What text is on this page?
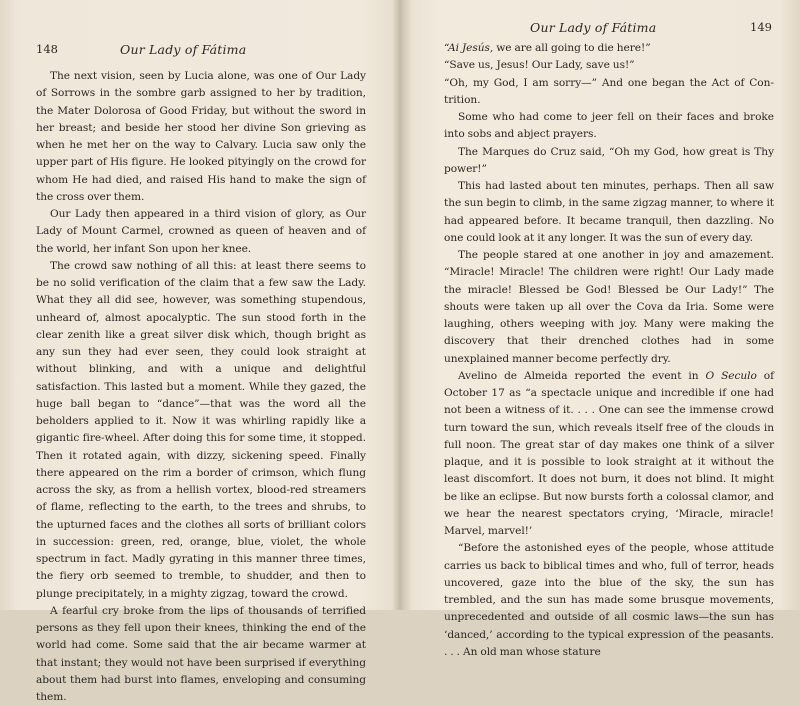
148	Our Lady of Fátima

The next vision, seen by Lucia alone, was one of Our Lady of Sorrows in the sombre garb assigned to her by tradition, the Mater Dolorosa of Good Friday, but without the sword in her breast; and beside her stood her divine Son grieving as when he met her on the way to Calvary. Lucia saw only the upper part of His figure. He looked pityingly on the crowd for whom He had died, and raised His hand to make the sign of the cross over them.

Our Lady then appeared in a third vision of glory, as Our Lady of Mount Carmel, crowned as queen of heaven and of the world, her infant Son upon her knee.

The crowd saw nothing of all this: at least there seems to be no solid verification of the claim that a few saw the Lady. What they all did see, however, was something stupendous, unheard of, almost apocalyptic. The sun stood forth in the clear zenith like a great silver disk which, though bright as any sun they had ever seen, they could look straight at without blinking, and with a unique and delightful satisfaction. This lasted but a moment. While they gazed, the huge ball began to “dance”—that was the word all the beholders applied to it. Now it was whirling rapidly like a gigantic fire-wheel. After doing this for some time, it stopped. Then it rotated again, with dizzy, sickening speed. Finally there appeared on the rim a border of crimson, which flung across the sky, as from a hellish vortex, blood-red streamers of flame, reflecting to the earth, to the trees and shrubs, to the upturned faces and the clothes all sorts of brilliant colors in succession: green, red, orange, blue, violet, the whole spectrum in fact. Madly gyrating in this manner three times, the fiery orb seemed to tremble, to shudder, and then to plunge precipitately, in a mighty zigzag, toward the crowd.

A fearful cry broke from the lips of thousands of terrified persons as they fell upon their knees, thinking the end of the world had come. Some said that the air became warmer at that instant; they would not have been surprised if everything about them had burst into flames, enveloping and consuming them.

Our Lady of Fátima	149

“Ai Jesús, we are all going to die here!”

“Save us, Jesus! Our Lady, save us!”

“Oh, my God, I am sorry—” And one began the Act of Contrition.

Some who had come to jeer fell on their faces and broke into sobs and abject prayers.

The Marques do Cruz said, “Oh my God, how great is Thy power!”

This had lasted about ten minutes, perhaps. Then all saw the sun begin to climb, in the same zigzag manner, to where it had appeared before. It became tranquil, then dazzling. No one could look at it any longer. It was the sun of every day.

The people stared at one another in joy and amazement. “Miracle! Miracle! The children were right! Our Lady made the miracle! Blessed be God! Blessed be Our Lady!” The shouts were taken up all over the Cova da Iria. Some were laughing, others weeping with joy. Many were making the discovery that their drenched clothes had in some unexplained manner become perfectly dry.

Avelino de Almeida reported the event in O Seculo of October 17 as “a spectacle unique and incredible if one had not been a witness of it. . . . One can see the immense crowd turn toward the sun, which reveals itself free of the clouds in full noon. The great star of day makes one think of a silver plaque, and it is possible to look straight at it without the least discomfort. It does not burn, it does not blind. It might be like an eclipse. But now bursts forth a colossal clamor, and we hear the nearest spectators crying, ‘Miracle, miracle! Marvel, marvel!’

“Before the astonished eyes of the people, whose attitude carries us back to biblical times and who, full of terror, heads uncovered, gaze into the blue of the sky, the sun has trembled, and the sun has made some brusque movements, unprecedented and outside of all cosmic laws—the sun has ‘danced,’ according to the typical expression of the peasants. . . . An old man whose stature
